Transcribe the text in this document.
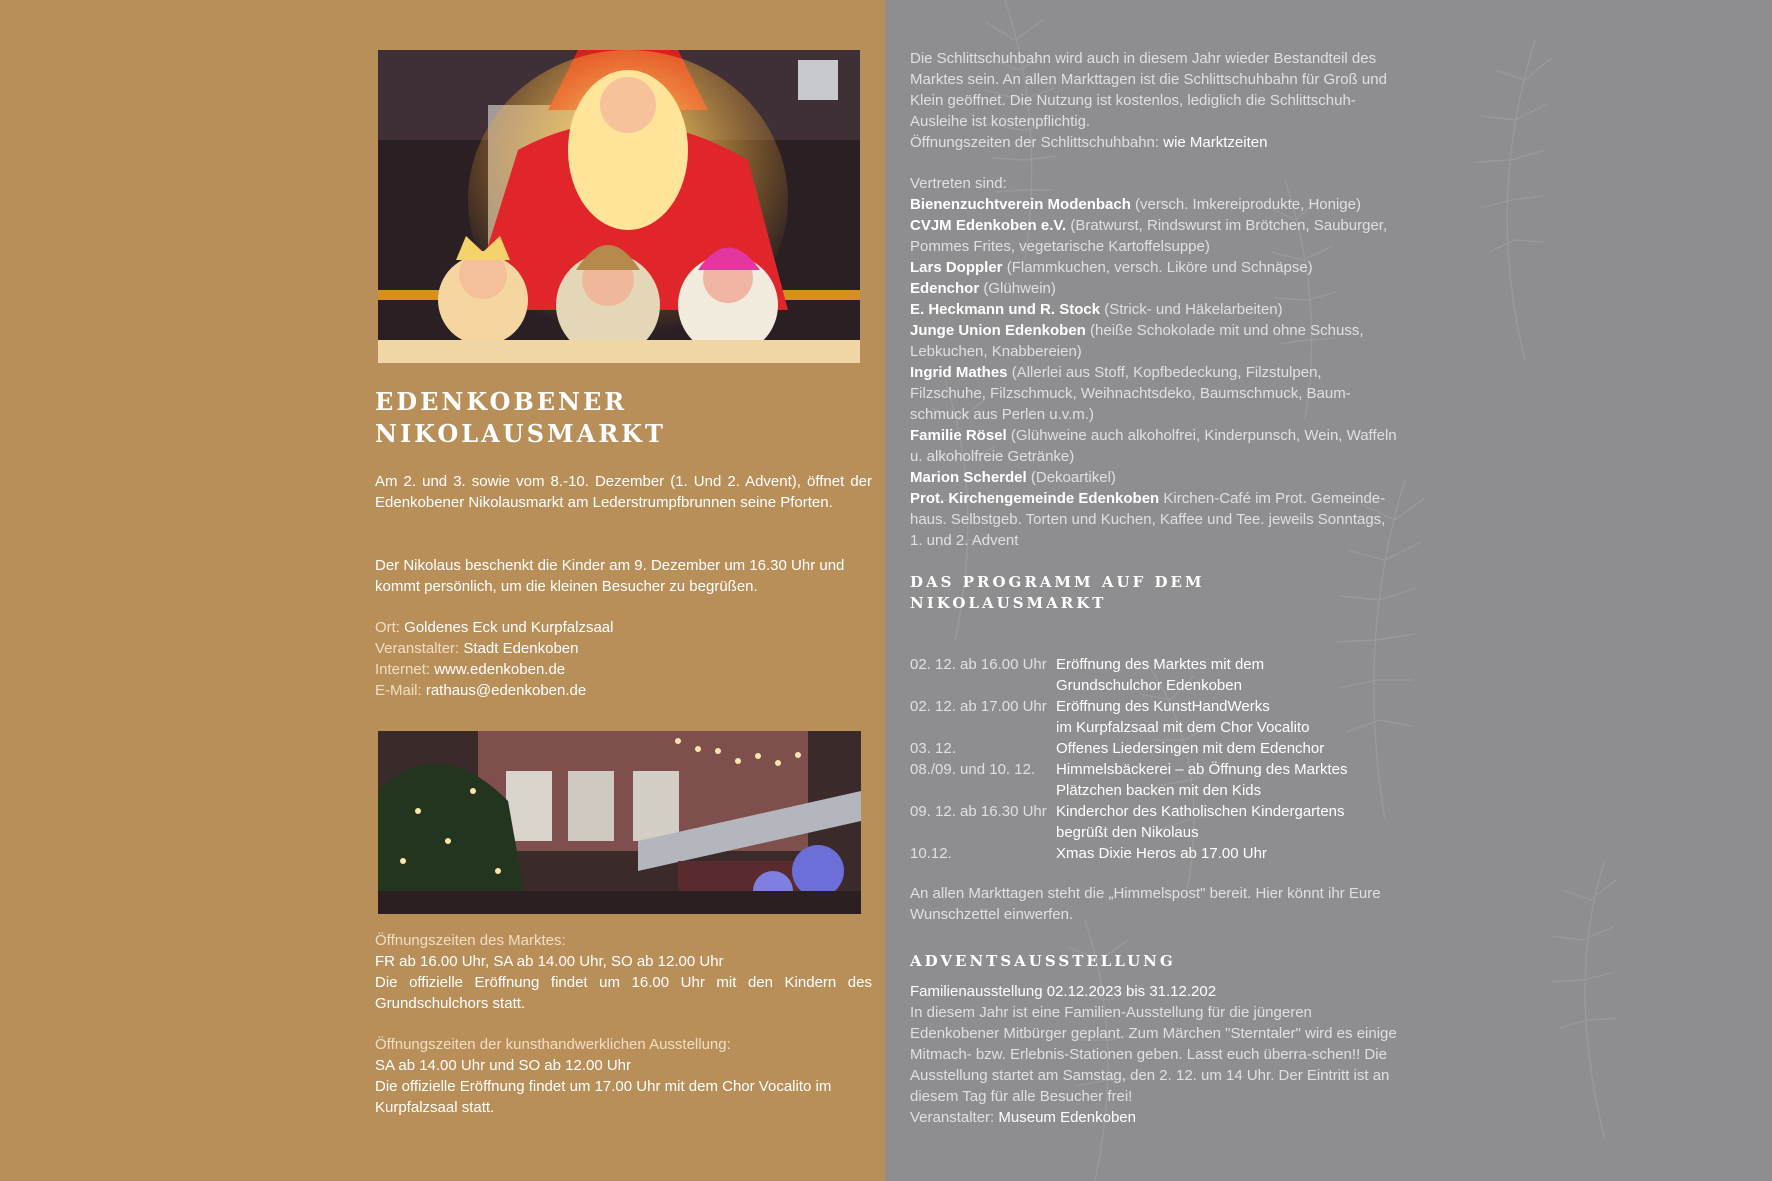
EDENKOBENER
NIKOLAUSMARKT

Am 2. und 3. sowie vom 8.-10. Dezember (1. Und 2. Advent), öffnet der Edenkobener Nikolausmarkt am Lederstrumpfbrunnen seine Pforten.

Der Nikolaus beschenkt die Kinder am 9. Dezember um 16.30 Uhr und kommt persönlich, um die kleinen Besucher zu begrüßen.

Ort: Goldenes Eck und Kurpfalzsaal
Veranstalter: Stadt Edenkoben
Internet: www.edenkoben.de
E-Mail: rathaus@edenkoben.de
Öffnungszeiten des Marktes:
FR ab 16.00 Uhr, SA ab 14.00 Uhr, SO ab 12.00 Uhr
Die offizielle Eröffnung findet um 16.00 Uhr mit den Kindern des Grundschulchors statt.
Öffnungszeiten der kunsthandwerklichen Ausstellung:
SA ab 14.00 Uhr und SO ab 12.00 Uhr
Die offizielle Eröffnung findet um 17.00 Uhr mit dem Chor Vocalito im Kurpfalzsaal statt.
Die Schlittschuhbahn wird auch in diesem Jahr wieder Bestandteil des Marktes sein. An allen Markttagen ist die Schlittschuhbahn für Groß und Klein geöffnet. Die Nutzung ist kostenlos, lediglich die Schlittschuh-Ausleihe ist kostenpflichtig.
Öffnungszeiten der Schlittschuhbahn: wie Marktzeiten
Vertreten sind:
Bienenzuchtverein Modenbach (versch. Imkereiprodukte, Honige)
CVJM Edenkoben e.V. (Bratwurst, Rindswurst im Brötchen, Sauburger, Pommes Frites, vegetarische Kartoffelsuppe)
Lars Doppler (Flammkuchen, versch. Liköre und Schnäpse)
Edenchor (Glühwein)
E. Heckmann und R. Stock (Strick- und Häkelarbeiten)
Junge Union Edenkoben (heiße Schokolade mit und ohne Schuss, Lebkuchen, Knabbereien)
Ingrid Mathes (Allerlei aus Stoff, Kopfbedeckung, Filzstulpen, Filzschuhe, Filzschmuck, Weihnachtsdeko, Baumschmuck, Baum-schmuck aus Perlen u.v.m.)
Familie Rösel (Glühweine auch alkoholfrei, Kinderpunsch, Wein, Waffeln u. alkoholfreie Getränke)
Marion Scherdel (Dekoartikel)
Prot. Kirchengemeinde Edenkoben Kirchen-Café im Prot. Gemeinde-haus. Selbstgeb. Torten und Kuchen, Kaffee und Tee. jeweils Sonntags, 1. und 2. Advent
DAS PROGRAMM AUF DEM
NIKOLAUSMARKT
02. 12. ab 16.00 Uhr Eröffnung des Marktes mit dem
Grundschulchor Edenkoben
02. 12. ab 17.00 Uhr Eröffnung des KunstHandWerks
im Kurpfalzsaal mit dem Chor Vocalito
03. 12.	Offenes Liedersingen mit dem Edenchor
08./09. und 10. 12.	Himmelsbäckerei – ab Öffnung des Marktes
Plätzchen backen mit den Kids
09. 12. ab 16.30 Uhr Kinderchor des Katholischen Kindergartens
begrüßt den Nikolaus
10.12.	Xmas Dixie Heros ab 17.00 Uhr
An allen Markttagen steht die „Himmelspost" bereit. Hier könnt ihr Eure Wunschzettel einwerfen.
ADVENTSAUSSTELLUNG
Familienausstellung 02.12.2023 bis 31.12.202
In diesem Jahr ist eine Familien-Ausstellung für die jüngeren Edenkobener Mitbürger geplant. Zum Märchen "Sterntaler" wird es einige Mitmach- bzw. Erlebnis-Stationen geben. Lasst euch überra-schen!! Die Ausstellung startet am Samstag, den 2. 12. um 14 Uhr. Der Eintritt ist an diesem Tag für alle Besucher frei!
Veranstalter: Museum Edenkoben
